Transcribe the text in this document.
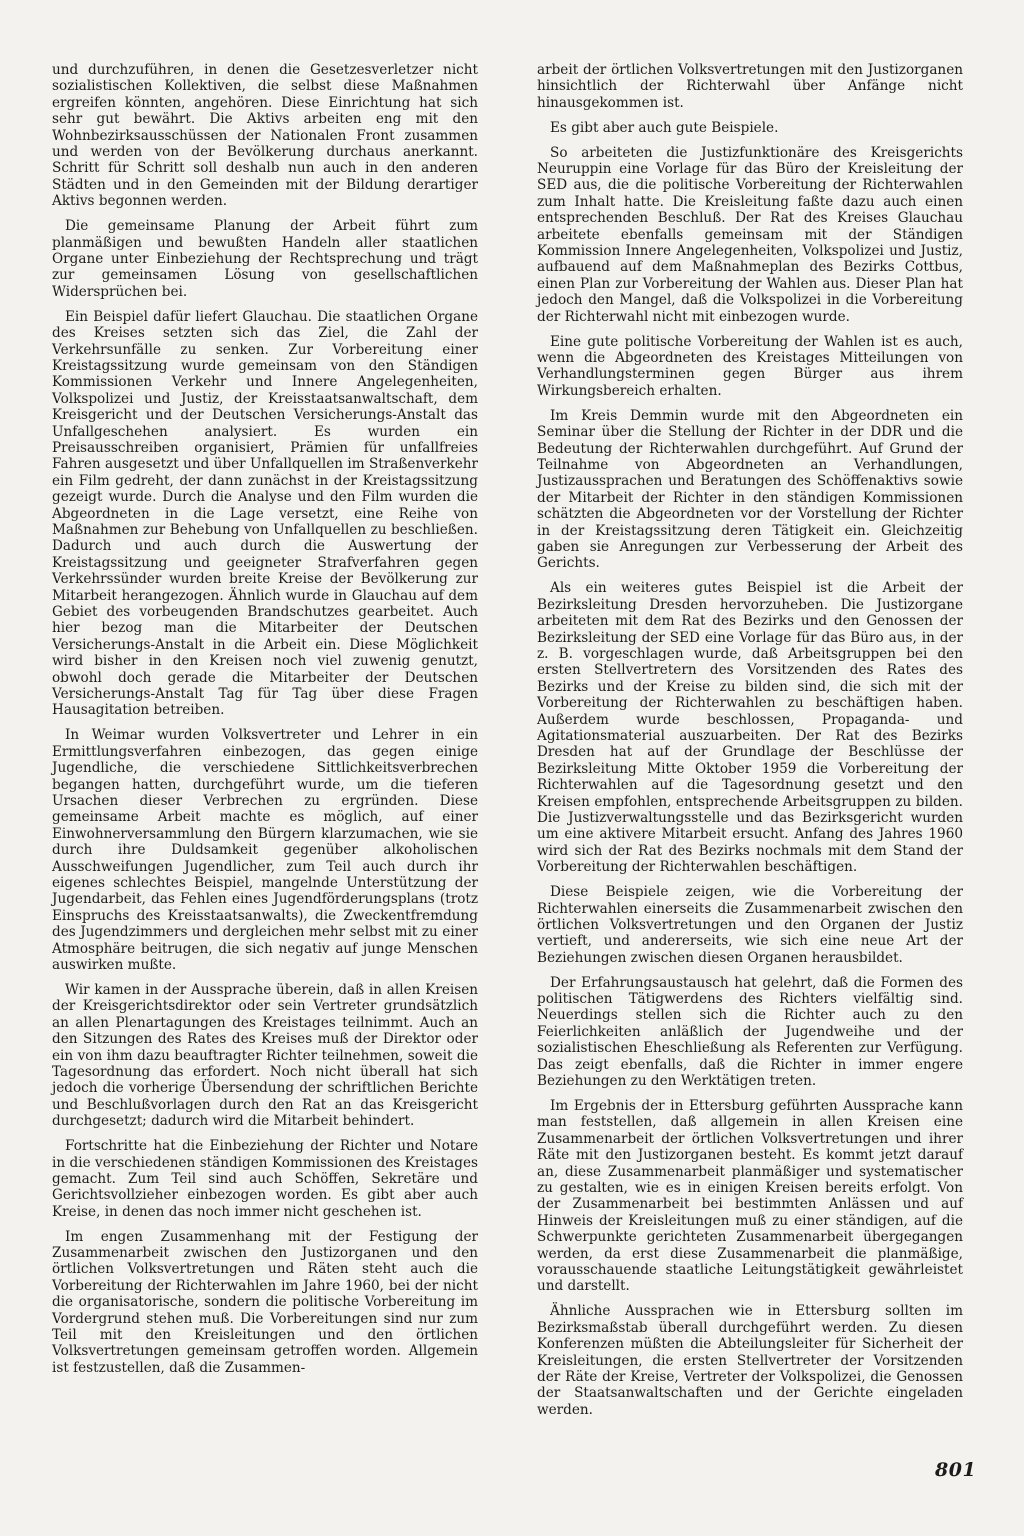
und durchzuführen, in denen die Gesetzesverletzer nicht sozialistischen Kollektiven, die selbst diese Maßnahmen ergreifen könnten, angehören. Diese Einrichtung hat sich sehr gut bewährt. Die Aktivs arbeiten eng mit den Wohnbezirksausschüssen der Nationalen Front zusammen und werden von der Bevölkerung durchaus anerkannt. Schritt für Schritt soll deshalb nun auch in den anderen Städten und in den Gemeinden mit der Bildung derartiger Aktivs begonnen werden.

Die gemeinsame Planung der Arbeit führt zum planmäßigen und bewußten Handeln aller staatlichen Organe unter Einbeziehung der Rechtsprechung und trägt zur gemeinsamen Lösung von gesellschaftlichen Widersprüchen bei.

Ein Beispiel dafür liefert Glauchau. Die staatlichen Organe des Kreises setzten sich das Ziel, die Zahl der Verkehrsunfälle zu senken. Zur Vorbereitung einer Kreistagssitzung wurde gemeinsam von den Ständigen Kommissionen Verkehr und Innere Angelegenheiten, Volkspolizei und Justiz, der Kreisstaatsanwaltschaft, dem Kreisgericht und der Deutschen Versicherungs-Anstalt das Unfallgeschehen analysiert. Es wurden ein Preisausschreiben organisiert, Prämien für unfallfreies Fahren ausgesetzt und über Unfallquellen im Straßenverkehr ein Film gedreht, der dann zunächst in der Kreistagssitzung gezeigt wurde. Durch die Analyse und den Film wurden die Abgeordneten in die Lage versetzt, eine Reihe von Maßnahmen zur Behebung von Unfallquellen zu beschließen. Dadurch und auch durch die Auswertung der Kreistagssitzung und geeigneter Strafverfahren gegen Verkehrssünder wurden breite Kreise der Bevölkerung zur Mitarbeit herangezogen. Ähnlich wurde in Glauchau auf dem Gebiet des vorbeugenden Brandschutzes gearbeitet. Auch hier bezog man die Mitarbeiter der Deutschen Versicherungs-Anstalt in die Arbeit ein. Diese Möglichkeit wird bisher in den Kreisen noch viel zuwenig genutzt, obwohl doch gerade die Mitarbeiter der Deutschen Versicherungs-Anstalt Tag für Tag über diese Fragen Hausagitation betreiben.

In Weimar wurden Volksvertreter und Lehrer in ein Ermittlungsverfahren einbezogen, das gegen einige Jugendliche, die verschiedene Sittlichkeitsverbrechen begangen hatten, durchgeführt wurde, um die tieferen Ursachen dieser Verbrechen zu ergründen. Diese gemeinsame Arbeit machte es möglich, auf einer Einwohnerversammlung den Bürgern klarzumachen, wie sie durch ihre Duldsamkeit gegenüber alkoholischen Ausschweifungen Jugendlicher, zum Teil auch durch ihr eigenes schlechtes Beispiel, mangelnde Unterstützung der Jugendarbeit, das Fehlen eines Jugendförderungsplans (trotz Einspruchs des Kreisstaatsanwalts), die Zweckentfremdung des Jugendzimmers und dergleichen mehr selbst mit zu einer Atmosphäre beitrugen, die sich negativ auf junge Menschen auswirken mußte.

Wir kamen in der Aussprache überein, daß in allen Kreisen der Kreisgerichtsdirektor oder sein Vertreter grundsätzlich an allen Plenartagungen des Kreistages teilnimmt. Auch an den Sitzungen des Rates des Kreises muß der Direktor oder ein von ihm dazu beauftragter Richter teilnehmen, soweit die Tagesordnung das erfordert. Noch nicht überall hat sich jedoch die vorherige Übersendung der schriftlichen Berichte und Beschlußvorlagen durch den Rat an das Kreisgericht durchgesetzt; dadurch wird die Mitarbeit behindert.

Fortschritte hat die Einbeziehung der Richter und Notare in die verschiedenen ständigen Kommissionen des Kreistages gemacht. Zum Teil sind auch Schöffen, Sekretäre und Gerichtsvollzieher einbezogen worden. Es gibt aber auch Kreise, in denen das noch immer nicht geschehen ist.

Im engen Zusammenhang mit der Festigung der Zusammenarbeit zwischen den Justizorganen und den örtlichen Volksvertretungen und Räten steht auch die Vorbereitung der Richterwahlen im Jahre 1960, bei der nicht die organisatorische, sondern die politische Vorbereitung im Vordergrund stehen muß. Die Vorbereitungen sind nur zum Teil mit den Kreisleitungen und den örtlichen Volksvertretungen gemeinsam getroffen worden. Allgemein ist festzustellen, daß die Zusammen-

arbeit der örtlichen Volksvertretungen mit den Justizorganen hinsichtlich der Richterwahl über Anfänge nicht hinausgekommen ist.

Es gibt aber auch gute Beispiele.

So arbeiteten die Justizfunktionäre des Kreisgerichts Neuruppin eine Vorlage für das Büro der Kreisleitung der SED aus, die die politische Vorbereitung der Richterwahlen zum Inhalt hatte. Die Kreisleitung faßte dazu auch einen entsprechenden Beschluß. Der Rat des Kreises Glauchau arbeitete ebenfalls gemeinsam mit der Ständigen Kommission Innere Angelegenheiten, Volkspolizei und Justiz, aufbauend auf dem Maßnahmeplan des Bezirks Cottbus, einen Plan zur Vorbereitung der Wahlen aus. Dieser Plan hat jedoch den Mangel, daß die Volkspolizei in die Vorbereitung der Richterwahl nicht mit einbezogen wurde.

Eine gute politische Vorbereitung der Wahlen ist es auch, wenn die Abgeordneten des Kreistages Mitteilungen von Verhandlungsterminen gegen Bürger aus ihrem Wirkungsbereich erhalten.

Im Kreis Demmin wurde mit den Abgeordneten ein Seminar über die Stellung der Richter in der DDR und die Bedeutung der Richterwahlen durchgeführt. Auf Grund der Teilnahme von Abgeordneten an Verhandlungen, Justizaussprachen und Beratungen des Schöffenaktivs sowie der Mitarbeit der Richter in den ständigen Kommissionen schätzten die Abgeordneten vor der Vorstellung der Richter in der Kreistagssitzung deren Tätigkeit ein. Gleichzeitig gaben sie Anregungen zur Verbesserung der Arbeit des Gerichts.

Als ein weiteres gutes Beispiel ist die Arbeit der Bezirksleitung Dresden hervorzuheben. Die Justizorgane arbeiteten mit dem Rat des Bezirks und den Genossen der Bezirksleitung der SED eine Vorlage für das Büro aus, in der z. B. vorgeschlagen wurde, daß Arbeitsgruppen bei den ersten Stellvertretern des Vorsitzenden des Rates des Bezirks und der Kreise zu bilden sind, die sich mit der Vorbereitung der Richterwahlen zu beschäftigen haben. Außerdem wurde beschlossen, Propaganda- und Agitationsmaterial auszuarbeiten. Der Rat des Bezirks Dresden hat auf der Grundlage der Beschlüsse der Bezirksleitung Mitte Oktober 1959 die Vorbereitung der Richterwahlen auf die Tagesordnung gesetzt und den Kreisen empfohlen, entsprechende Arbeitsgruppen zu bilden. Die Justizverwaltungsstelle und das Bezirksgericht wurden um eine aktivere Mitarbeit ersucht. Anfang des Jahres 1960 wird sich der Rat des Bezirks nochmals mit dem Stand der Vorbereitung der Richterwahlen beschäftigen.

Diese Beispiele zeigen, wie die Vorbereitung der Richterwahlen einerseits die Zusammenarbeit zwischen den örtlichen Volksvertretungen und den Organen der Justiz vertieft, und andererseits, wie sich eine neue Art der Beziehungen zwischen diesen Organen herausbildet.

Der Erfahrungsaustausch hat gelehrt, daß die Formen des politischen Tätigwerdens des Richters vielfältig sind. Neuerdings stellen sich die Richter auch zu den Feierlichkeiten anläßlich der Jugendweihe und der sozialistischen Eheschließung als Referenten zur Verfügung. Das zeigt ebenfalls, daß die Richter in immer engere Beziehungen zu den Werktätigen treten.

Im Ergebnis der in Ettersburg geführten Aussprache kann man feststellen, daß allgemein in allen Kreisen eine Zusammenarbeit der örtlichen Volksvertretungen und ihrer Räte mit den Justizorganen besteht. Es kommt jetzt darauf an, diese Zusammenarbeit planmäßiger und systematischer zu gestalten, wie es in einigen Kreisen bereits erfolgt. Von der Zusammenarbeit bei bestimmten Anlässen und auf Hinweis der Kreisleitungen muß zu einer ständigen, auf die Schwerpunkte gerichteten Zusammenarbeit übergegangen werden, da erst diese Zusammenarbeit die planmäßige, vorausschauende staatliche Leitungstätigkeit gewährleistet und darstellt.

Ähnliche Aussprachen wie in Ettersburg sollten im Bezirksmaßstab überall durchgeführt werden. Zu diesen Konferenzen müßten die Abteilungsleiter für Sicherheit der Kreisleitungen, die ersten Stellvertreter der Vorsitzenden der Räte der Kreise, Vertreter der Volkspolizei, die Genossen der Staatsanwaltschaften und der Gerichte eingeladen werden.

801
